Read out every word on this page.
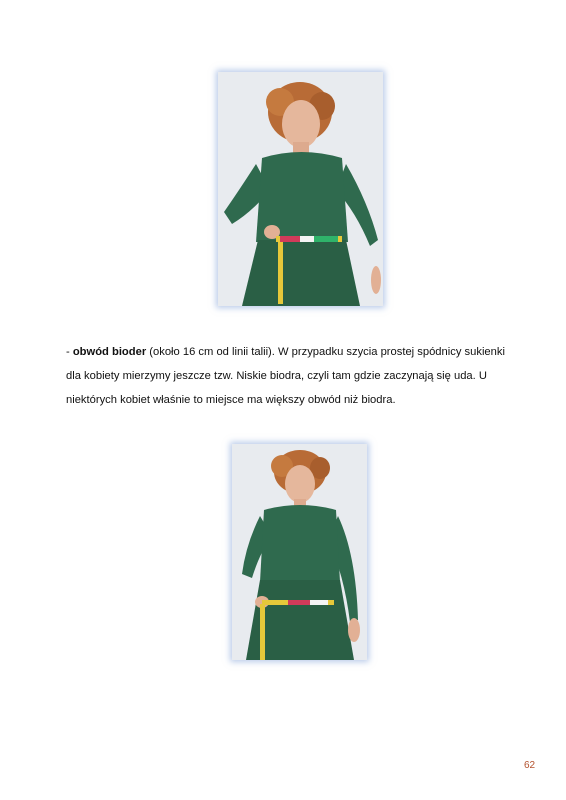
- obwód bioder (około 16 cm od linii talii). W przypadku szycia prostej spódnicy sukienki dla kobiety mierzymy jeszcze tzw. Niskie biodra, czyli tam gdzie zaczynają się uda. U niektórych kobiet właśnie to miejsce ma większy obwód niż biodra.

62
